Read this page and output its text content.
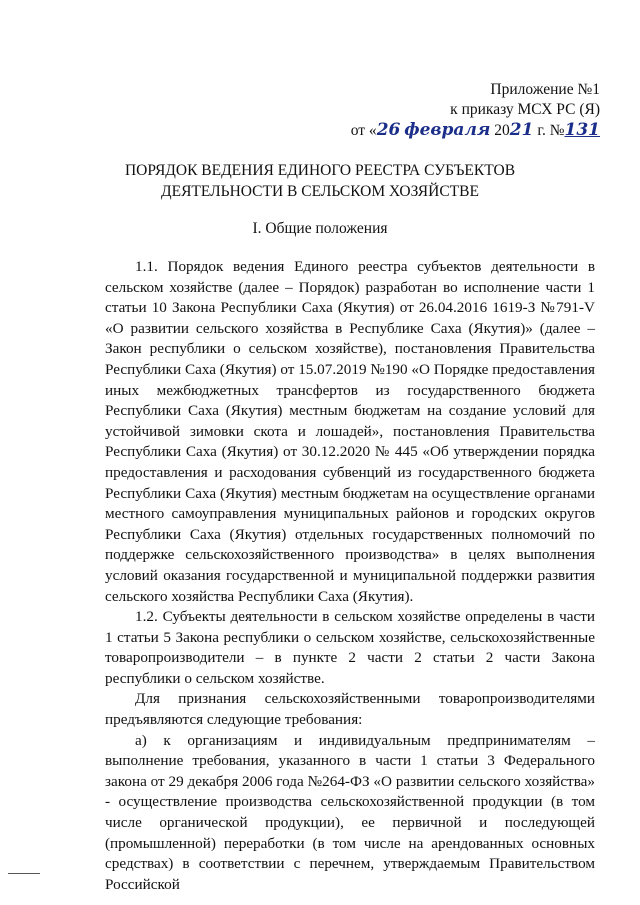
Приложение №1
к приказу МСХ РС (Я)
от «26 февраля 2021 г. №131
ПОРЯДОК ВЕДЕНИЯ ЕДИНОГО РЕЕСТРА СУБЪЕКТОВ
ДЕЯТЕЛЬНОСТИ В СЕЛЬСКОМ ХОЗЯЙСТВЕ
I. Общие положения

1.1. Порядок ведения Единого реестра субъектов деятельности в сельском хозяйстве (далее – Порядок) разработан во исполнение части 1 статьи 10 Закона Республики Саха (Якутия) от 26.04.2016 1619-З №791-V «О развитии сельского хозяйства в Республике Саха (Якутия)» (далее – Закон республики о сельском хозяйстве), постановления Правительства Республики Саха (Якутия) от 15.07.2019 №190 «О Порядке предоставления иных межбюджетных трансфертов из государственного бюджета Республики Саха (Якутия) местным бюджетам на создание условий для устойчивой зимовки скота и лошадей», постановления Правительства Республики Саха (Якутия) от 30.12.2020 № 445 «Об утверждении порядка предоставления и расходования субвенций из государственного бюджета Республики Саха (Якутия) местным бюджетам на осуществление органами местного самоуправления муниципальных районов и городских округов Республики Саха (Якутия) отдельных государственных полномочий по поддержке сельскохозяйственного производства» в целях выполнения условий оказания государственной и муниципальной поддержки развития сельского хозяйства Республики Саха (Якутия).

1.2. Субъекты деятельности в сельском хозяйстве определены в части 1 статьи 5 Закона республики о сельском хозяйстве, сельскохозяйственные товаропроизводители – в пункте 2 части 2 статьи 2 части Закона республики о сельском хозяйстве.

Для признания сельскохозяйственными товаропроизводителями предъявляются следующие требования:

а) к организациям и индивидуальным предпринимателям – выполнение требования, указанного в части 1 статьи 3 Федерального закона от 29 декабря 2006 года №264-ФЗ «О развитии сельского хозяйства» - осуществление производства сельскохозяйственной продукции (в том числе органической продукции), ее первичной и последующей (промышленной) переработки (в том числе на арендованных основных средствах) в соответствии с перечнем, утверждаемым Правительством Российской
